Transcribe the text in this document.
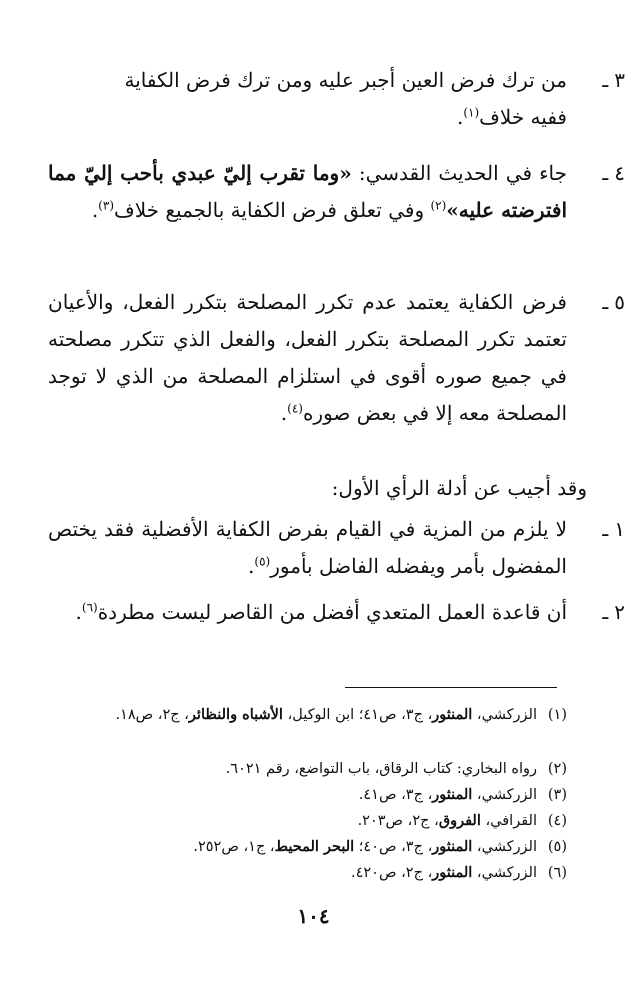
٣ـ
من ترك فرض العين أجبر عليه ومن ترك فرض الكفاية
ففيه خلاف$^{(١)}$.
٤ـ
جاء في الحديث القدسي: «وما تقرب إليّ عبدي بأحب إليّ مما افترضته عليه»$^{(٢)}$ وفي تعلق فرض الكفاية بالجميع خلاف$^{(٣)}$.
٥ـ
فرض الكفاية يعتمد عدم تكرر المصلحة بتكرر الفعل، والأعيان تعتمد تكرر المصلحة بتكرر الفعل، والفعل الذي تتكرر مصلحته في جميع صوره أقوى في استلزام المصلحة من الذي لا توجد المصلحة معه إلا في بعض صوره$^{(٤)}$.
وقد أجيب عن أدلة الرأي الأول:
١ـ
لا يلزم من المزية في القيام بفرض الكفاية الأفضلية فقد يختص المفضول بأمر ويفضله الفاضل بأمور$^{(٥)}$.
٢ـ
أن قاعدة العمل المتعدي أفضل من القاصر ليست مطردة$^{(٦)}$.
(١)الزركشي، المنثور، ج٣، ص٤١؛ ابن الوكيل، الأشباه والنظائر، ج٢، ص١٨.
(٢)رواه البخاري: كتاب الرقاق، باب التواضع، رقم ٦٠٢١.
(٣)الزركشي، المنثور، ج٣، ص٤١.
(٤)القرافي، الفروق، ج٢، ص٢٠٣.
(٥)الزركشي، المنثور، ج٣، ص٤٠؛ البحر المحيط، ج١، ص٢٥٢.
(٦)الزركشي، المنثور، ج٢، ص٤٢٠.
١٠٤
